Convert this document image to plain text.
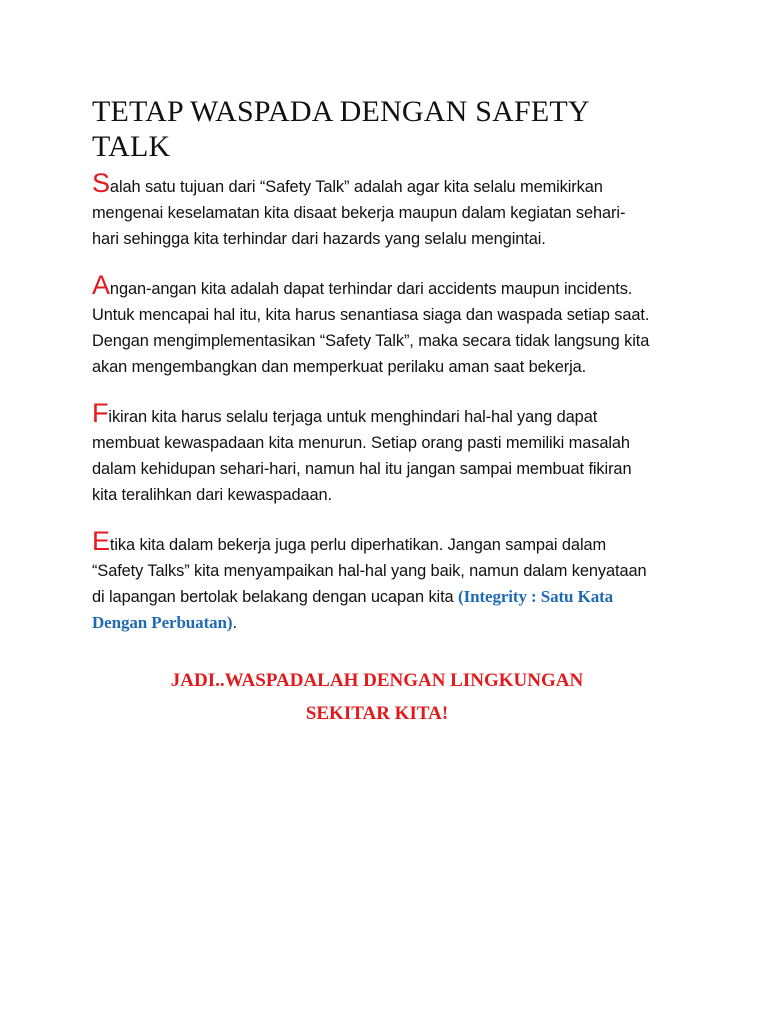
TETAP WASPADA DENGAN SAFETY TALK

Salah satu tujuan dari “Safety Talk” adalah agar kita selalu memikirkan mengenai keselamatan kita disaat bekerja maupun dalam kegiatan sehari-hari sehingga kita terhindar dari hazards yang selalu mengintai.

Angan-angan kita adalah dapat terhindar dari accidents maupun incidents. Untuk mencapai hal itu, kita harus senantiasa siaga dan waspada setiap saat. Dengan mengimplementasikan “Safety Talk”, maka secara tidak langsung kita akan mengembangkan dan memperkuat perilaku aman saat bekerja.

Fikiran kita harus selalu terjaga untuk menghindari hal-hal yang dapat membuat kewaspadaan kita menurun. Setiap orang pasti memiliki masalah dalam kehidupan sehari-hari, namun hal itu jangan sampai membuat fikiran kita teralihkan dari kewaspadaan.

Etika kita dalam bekerja juga perlu diperhatikan. Jangan sampai dalam “Safety Talks” kita menyampaikan hal-hal yang baik, namun dalam kenyataan di lapangan bertolak belakang dengan ucapan kita (Integrity : Satu Kata Dengan Perbuatan).

JADI..WASPADALAH DENGAN LINGKUNGAN
SEKITAR KITA!
